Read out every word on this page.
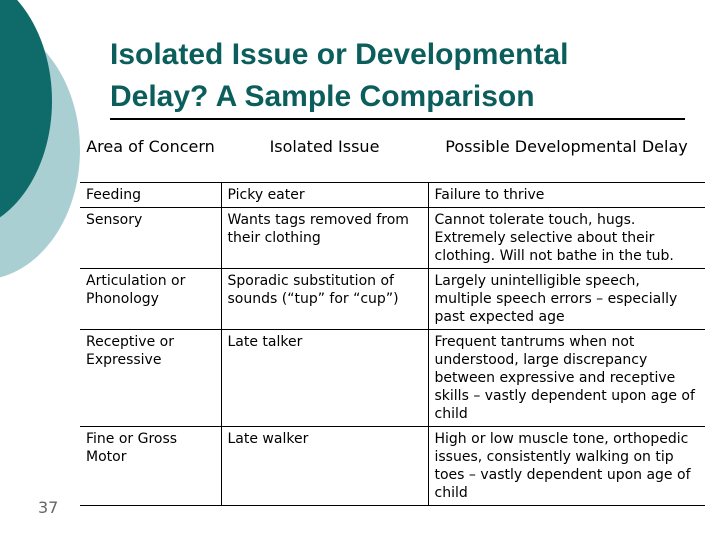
Isolated Issue or Developmental
Delay? A Sample Comparison
Area of Concern	Isolated Issue	Possible Developmental Delay
Feeding	Picky eater	Failure to thrive
Sensory	Wants tags removed from their clothing	Cannot tolerate touch, hugs. Extremely selective about their clothing. Will not bathe in the tub.
Articulation or Phonology	Sporadic substitution of sounds (“tup” for “cup”)	Largely unintelligible speech, multiple speech errors – especially past expected age
Receptive or Expressive	Late talker	Frequent tantrums when not understood, large discrepancy between expressive and receptive skills – vastly dependent upon age of child
Fine or Gross Motor	Late walker	High or low muscle tone, orthopedic issues, consistently walking on tip toes – vastly dependent upon age of child
37
